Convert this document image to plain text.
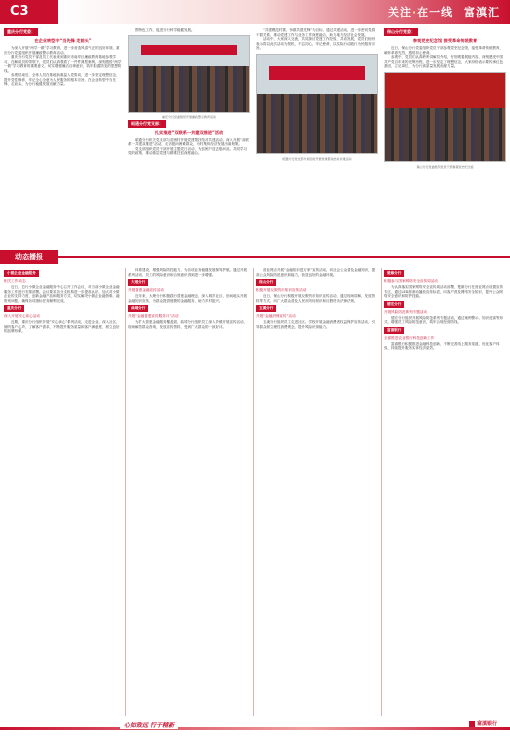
C3	关注·在一线 富滇汇
重庆分行党委：
在企业转型中“当先锋 走前头”

为深入开展“两学一做”学习教育，进一步营造风清气正的良好环境，重庆分行党委组织开展廉政警示教育活动。

重庆分行党员干部及员工代表来到重庆市南岸区廉政教育基地参观学习，在解说员的带领下，党员们认真观看了一件件典型案例，深刻感悟“两学一做”学习教育的重要意义，切实增强廉洁自律意识，筑牢拒腐防变的思想防线。

参观结束后，全体人员在基地前重温入党誓词，进一步坚定理想信念，提升党性修养，牢记全心全意为人民服务的根本宗旨，在企业转型中当先锋、走前头，为分行稳健发展贡献力量。

围特色工作，促进分行科学稳健发展。

重庆分行党委组织开展廉政警示教育活动
昭通分行党支部：
扎实推进“双联系一共建双推进”活动

昭通分行机关党支部与贫困村开展党建帮扶结对共建活动，深入开展“双联系一共建双推进”活动，走访慰问困难群众，为村集体经济发展出谋划策。

党支部组织党员干部开展主题党日活动，为贫困户送去慰问品，共同学习党的政策，推动基层党建与精准扶贫深度融合。

“共建模范村寨、争做共建先锋”为目标，通过共建活动，进一步密切党群干群关系，推动党建工作与业务工作深度融合，助力地方经济社会发展。

活动中，大家深入交流，共同探讨党建工作经验，共话发展，党员们纷纷表示将以此次活动为契机，不忘初心、牢记使命，以实际行动践行为民服务宗旨。

昭通分行党支部与贫困村开展党建帮扶结对共建活动
保山分行党委：
参观党史纪念馆 接受革命传统教育

近日，保山分行党委组织党员干部参观党史纪念馆，接受革命传统教育，缅怀革命先烈，感悟初心使命。

参观中，党员们认真聆听讲解员介绍，仔细观看展板内容，深刻感受中国共产党百年来的光辉历程，进一步坚定了理想信念，大家纷纷表示要传承红色基因，立足岗位，为分行高质量发展贡献力量。

保山分行党委组织党员干部参观党史纪念馆
动态播报
小微企业金融服务
相关工作动态

近日，总行小微企业金融服务中心召开工作会议，对当前小微企业金融服务工作进行安排部署。会议要求各分支机构进一步提高认识，加大对小微企业的支持力度，创新金融产品和服务方式，切实解决小微企业融资难、融资贵问题，确保各项指标任务顺利完成。

重庆分行
深入开展安心读心活动

近期，重庆分行组织开展“安心读心”系列活动，走进企业、深入社区，倾听客户心声，了解客户需求，不断提升服务质量和客户满意度，树立良好的品牌形象。

体系建设，增强风险防控能力，为各项业务稳健发展保驾护航。通过开展系列活动，员工的风险意识和合规意识得到进一步增强。

大理分行
开展普惠金融宣传活动

近年来，大理分行积极践行普惠金融理念，深入城乡社区、田间地头开展金融知识宣传，为群众提供便捷的金融服务，助力乡村振兴。

曲靖分行
开展“金融普惠宣传服务月”活动

为扩大普惠金融服务覆盖面，曲靖分行组织员工深入乡镇开展宣传活动，现场解答群众咨询，发放宣传资料，受到广大群众的一致好评。

营业网点开展“金融知识进万家”宣传活动，向社会公众普及金融知识，提高公众风险防范意识和能力，营造良好的金融环境。

保山分行
积极开展反假货币知识宣传活动

近日，保山分行积极开展反假货币知识宣传活动，通过现场讲解、发放资料等方式，向广大群众普及人民币防伪知识和反假货币法律法规。

玉溪分行
开展“金融消保宣传”活动

玉溪分行组织员工走进社区、学校开展金融消费者权益保护宣传活动，引导群众树立理性消费观念，提升风险识别能力。

楚雄分行
积极参与国家网络安全宣传周活动

为认真落实国家网络安全宣传周活动部署，楚雄分行在营业网点设置宣传专区，通过LED屏滚动播放宣传标语，向客户普及网络安全知识，提升公众网络安全意识和防护技能。

德宏分行
开展风险防范系列专题活动

德宏分行组织开展风险防范系列专题活动，通过案例警示、知识竞赛等形式，增强员工风险防范意识，筑牢合规经营防线。

富滇银行
全面推进农业银行科技创新工作

富滇银行积极推进金融科技创新，不断完善线上服务渠道，优化客户体验，持续提升服务实体经济质效。

心如致远 行于精新	富滇银行
